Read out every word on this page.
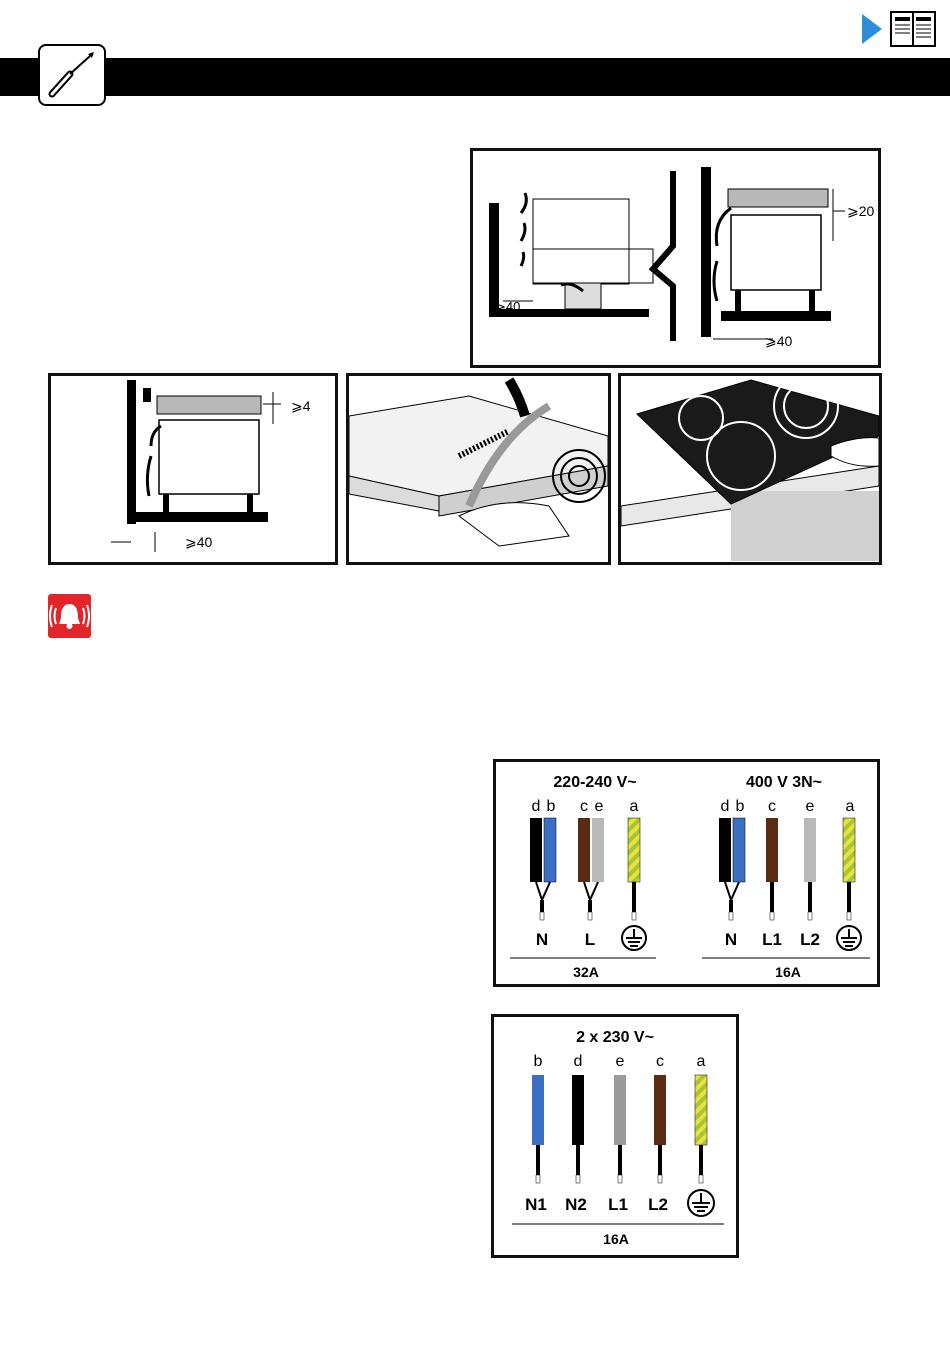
⩾40
⩾20
⩾40
⩾4
⩾40
220-240 V~	400 V 3N~
d b	c e	a	d b	c	e	a
N	L
32A
N	L1	L2
16A
2 x 230 V~
b	d	e	c	a
N1	N2	L1	L2
16A
